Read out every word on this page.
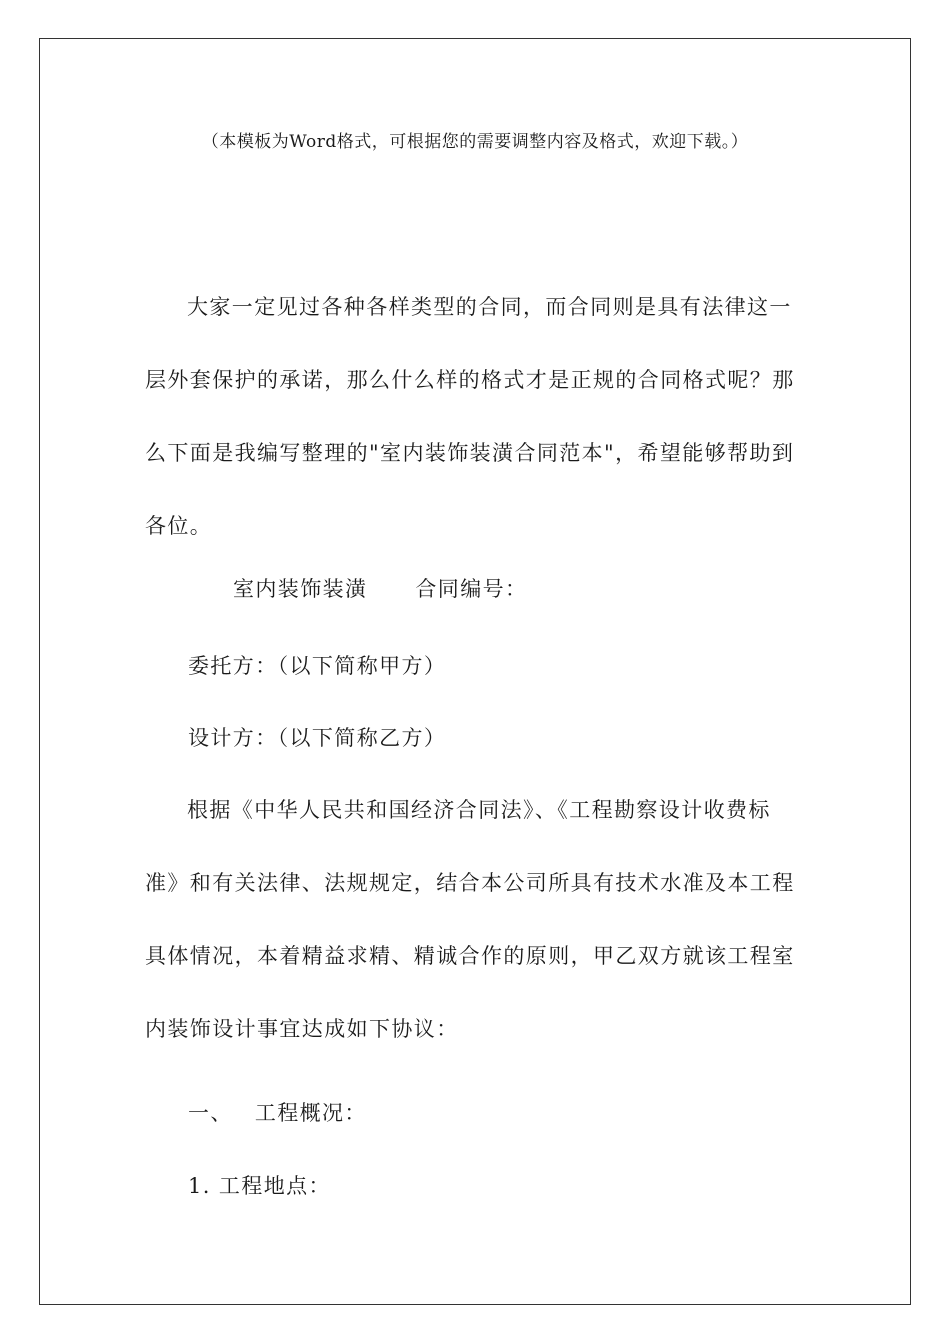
（本模板为Word格式，可根据您的需要调整内容及格式，欢迎下载。）

大家一定见过各种各样类型的合同，而合同则是具有法律这一层外套保护的承诺，那么什么样的格式才是正规的合同格式呢？那么下面是我编写整理的"室内装饰装潢合同范本"，希望能够帮助到各位。

室内装饰装潢 合同编号：
委托方：（以下简称甲方）
设计方：（以下简称乙方）

根据《中华人民共和国经济合同法》、《工程勘察设计收费标准》和有关法律、法规规定，结合本公司所具有技术水准及本工程具体情况，本着精益求精、精诚合作的原则，甲乙双方就该工程室内装饰设计事宜达成如下协议：

一、 工程概况：
1. 工程地点：
